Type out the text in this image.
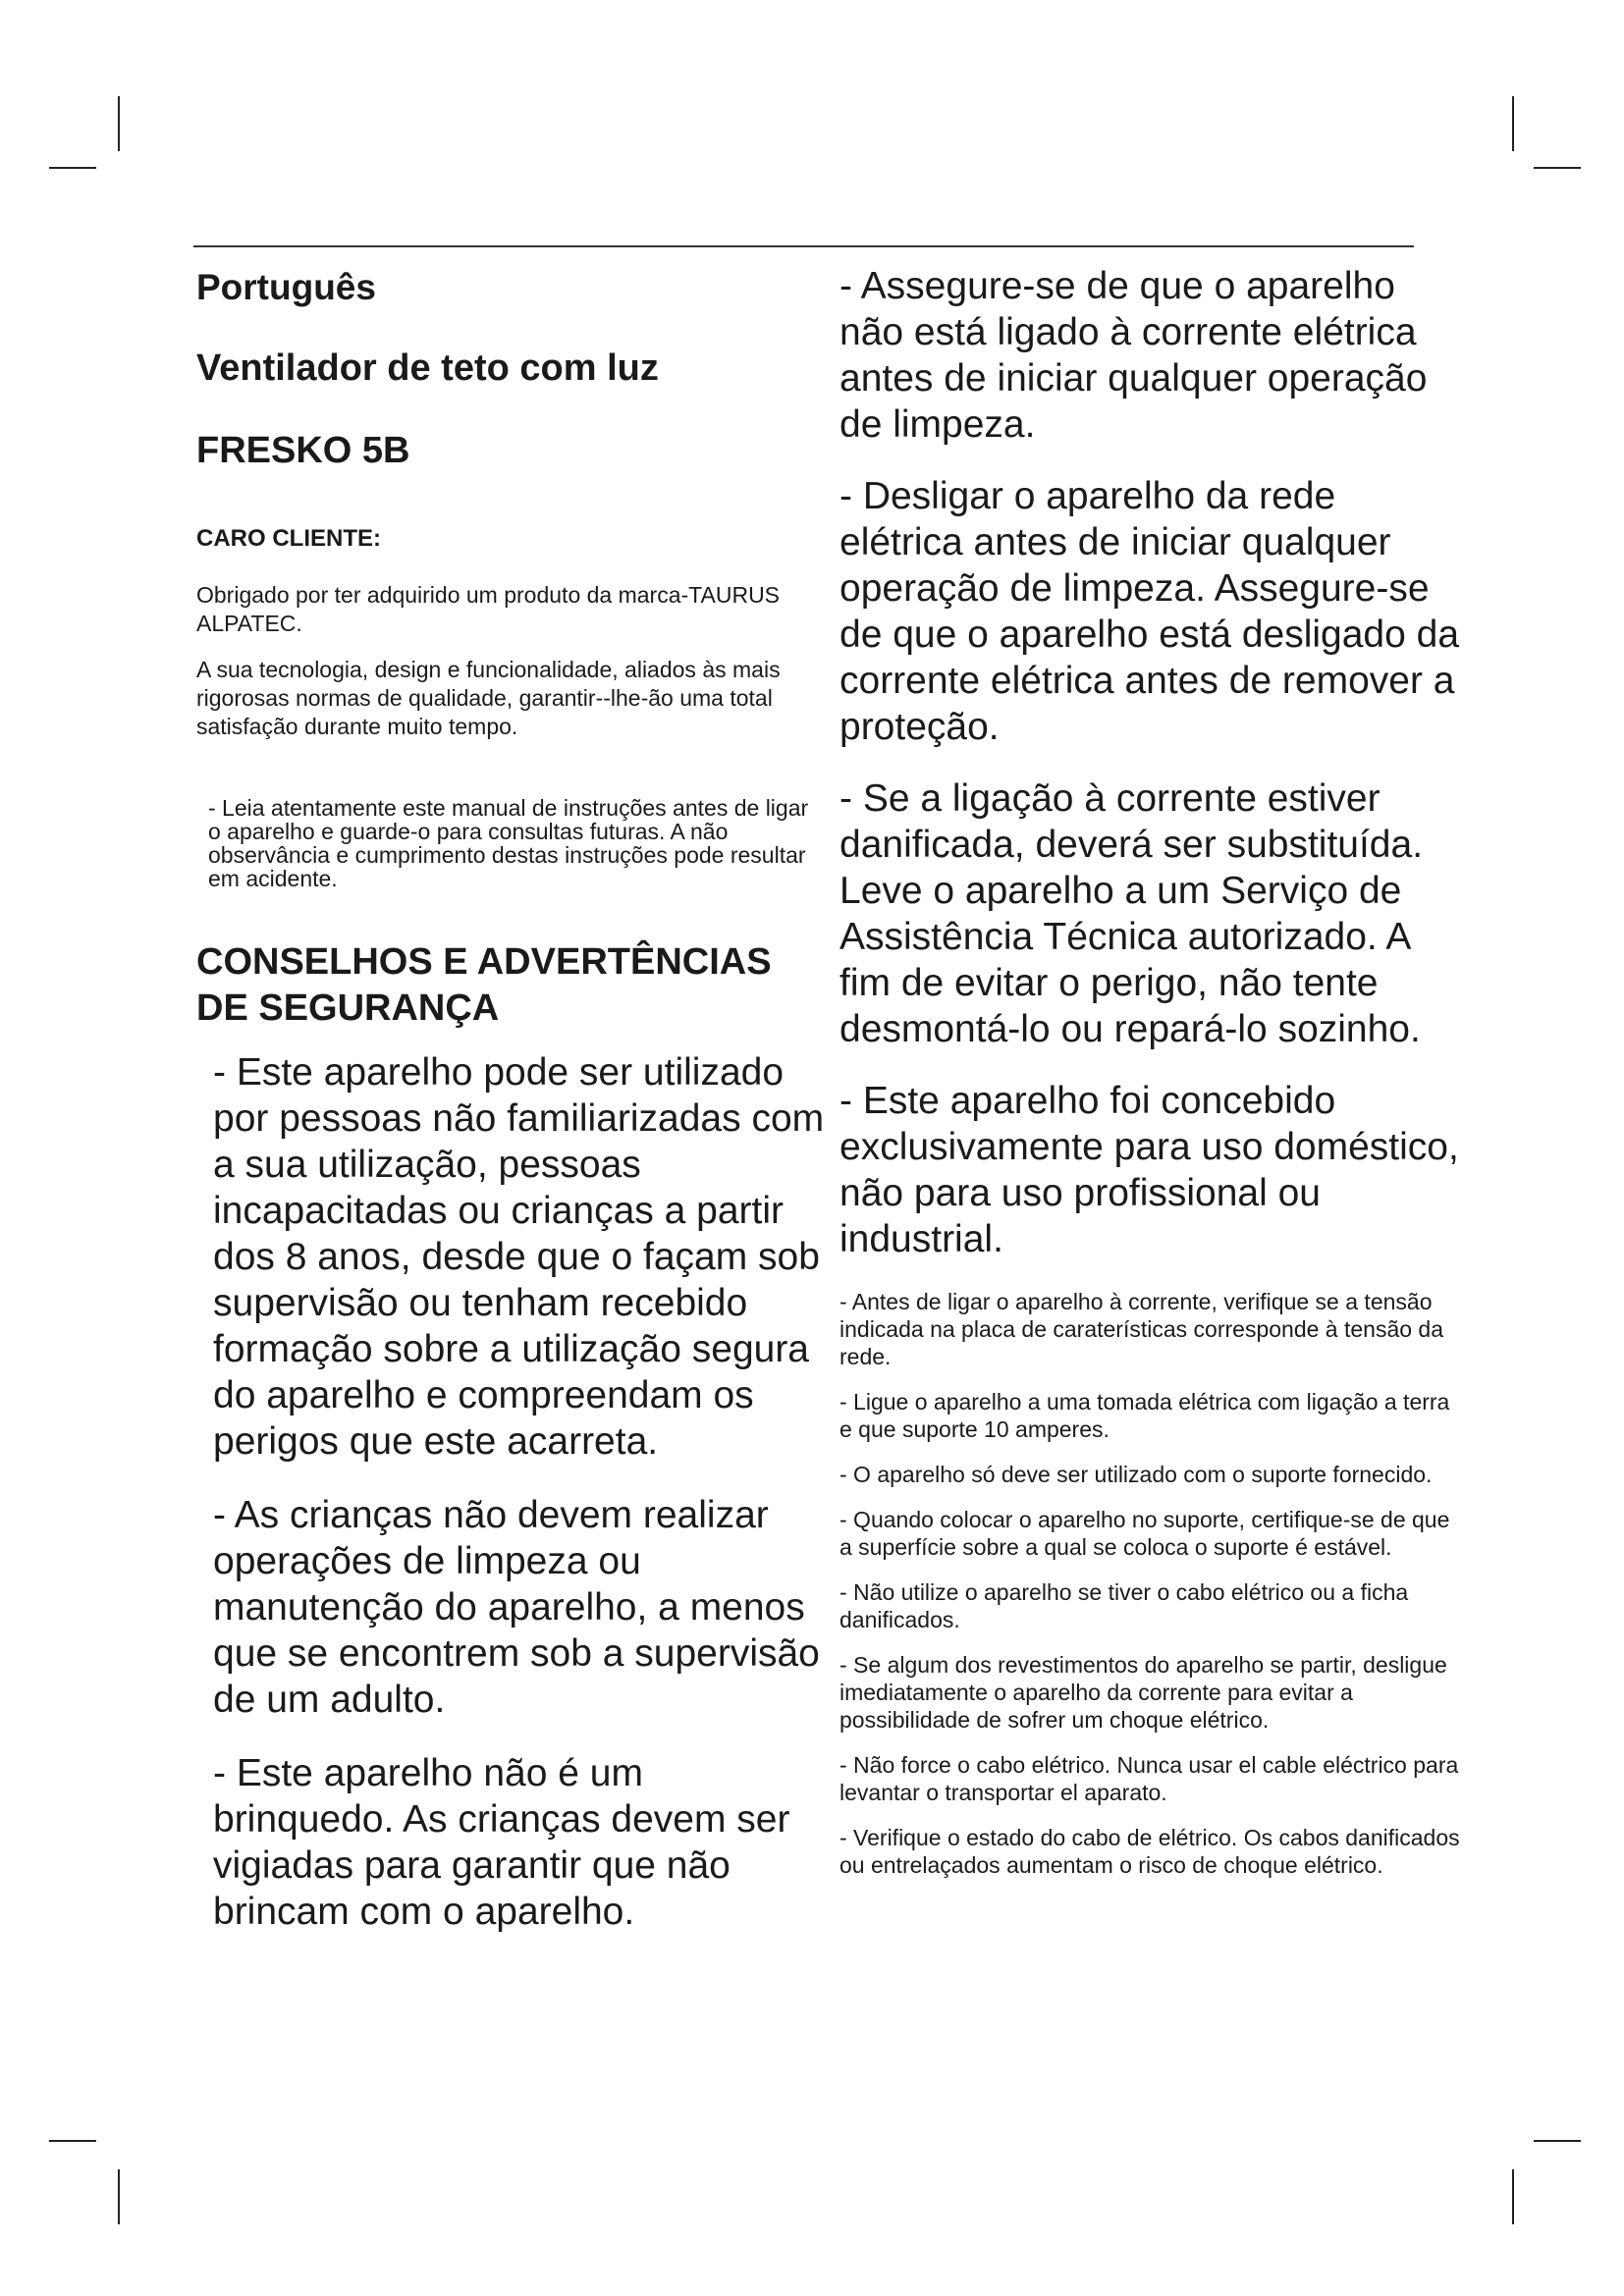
Português
Ventilador de teto com luz
FRESKO 5B
CARO CLIENTE:

Obrigado por ter adquirido um produto da marca-TAURUS ALPATEC.

A sua tecnologia, design e funcionalidade, aliados às mais rigorosas normas de qualidade, garantir--lhe-ão uma total satisfação durante muito tempo.

- Leia atentamente este manual de instruções antes de ligar o aparelho e guarde-o para consultas futuras. A não observância e cumprimento destas instruções pode resultar em acidente.

CONSELHOS E ADVERTÊNCIAS DE SEGURANÇA

- Este aparelho pode ser utilizado por pessoas não familiarizadas com a sua utilização, pessoas incapacitadas ou crianças a partir dos 8 anos, desde que o façam sob supervisão ou tenham recebido formação sobre a utilização segura do aparelho e compreendam os perigos que este acarreta.

- As crianças não devem realizar operações de limpeza ou manutenção do aparelho, a menos que se encontrem sob a supervisão de um adulto.

- Este aparelho não é um brinquedo. As crianças devem ser vigiadas para garantir que não brincam com o aparelho.

- Assegure-se de que o aparelho não está ligado à corrente elétrica antes de iniciar qualquer operação de limpeza.

- Desligar o aparelho da rede elétrica antes de iniciar qualquer operação de limpeza. Assegure-se de que o aparelho está desligado da corrente elétrica antes de remover a proteção.

- Se a ligação à corrente estiver danificada, deverá ser substituída. Leve o aparelho a um Serviço de Assistência Técnica autorizado. A fim de evitar o perigo, não tente desmontá-lo ou repará-lo sozinho.

- Este aparelho foi concebido exclusivamente para uso doméstico, não para uso profissional ou industrial.

- Antes de ligar o aparelho à corrente, verifique se a tensão indicada na placa de caraterísticas corresponde à tensão da rede.

- Ligue o aparelho a uma tomada elétrica com ligação a terra e que suporte 10 amperes.

- O aparelho só deve ser utilizado com o suporte fornecido.

- Quando colocar o aparelho no suporte, certifique-se de que a superfície sobre a qual se coloca o suporte é estável.

- Não utilize o aparelho se tiver o cabo elétrico ou a ficha danificados.

- Se algum dos revestimentos do aparelho se partir, desligue imediatamente o aparelho da corrente para evitar a possibilidade de sofrer um choque elétrico.

- Não force o cabo elétrico. Nunca usar el cable eléctrico para levantar o transportar el aparato.

- Verifique o estado do cabo de elétrico. Os cabos danificados ou entrelaçados aumentam o risco de choque elétrico.
